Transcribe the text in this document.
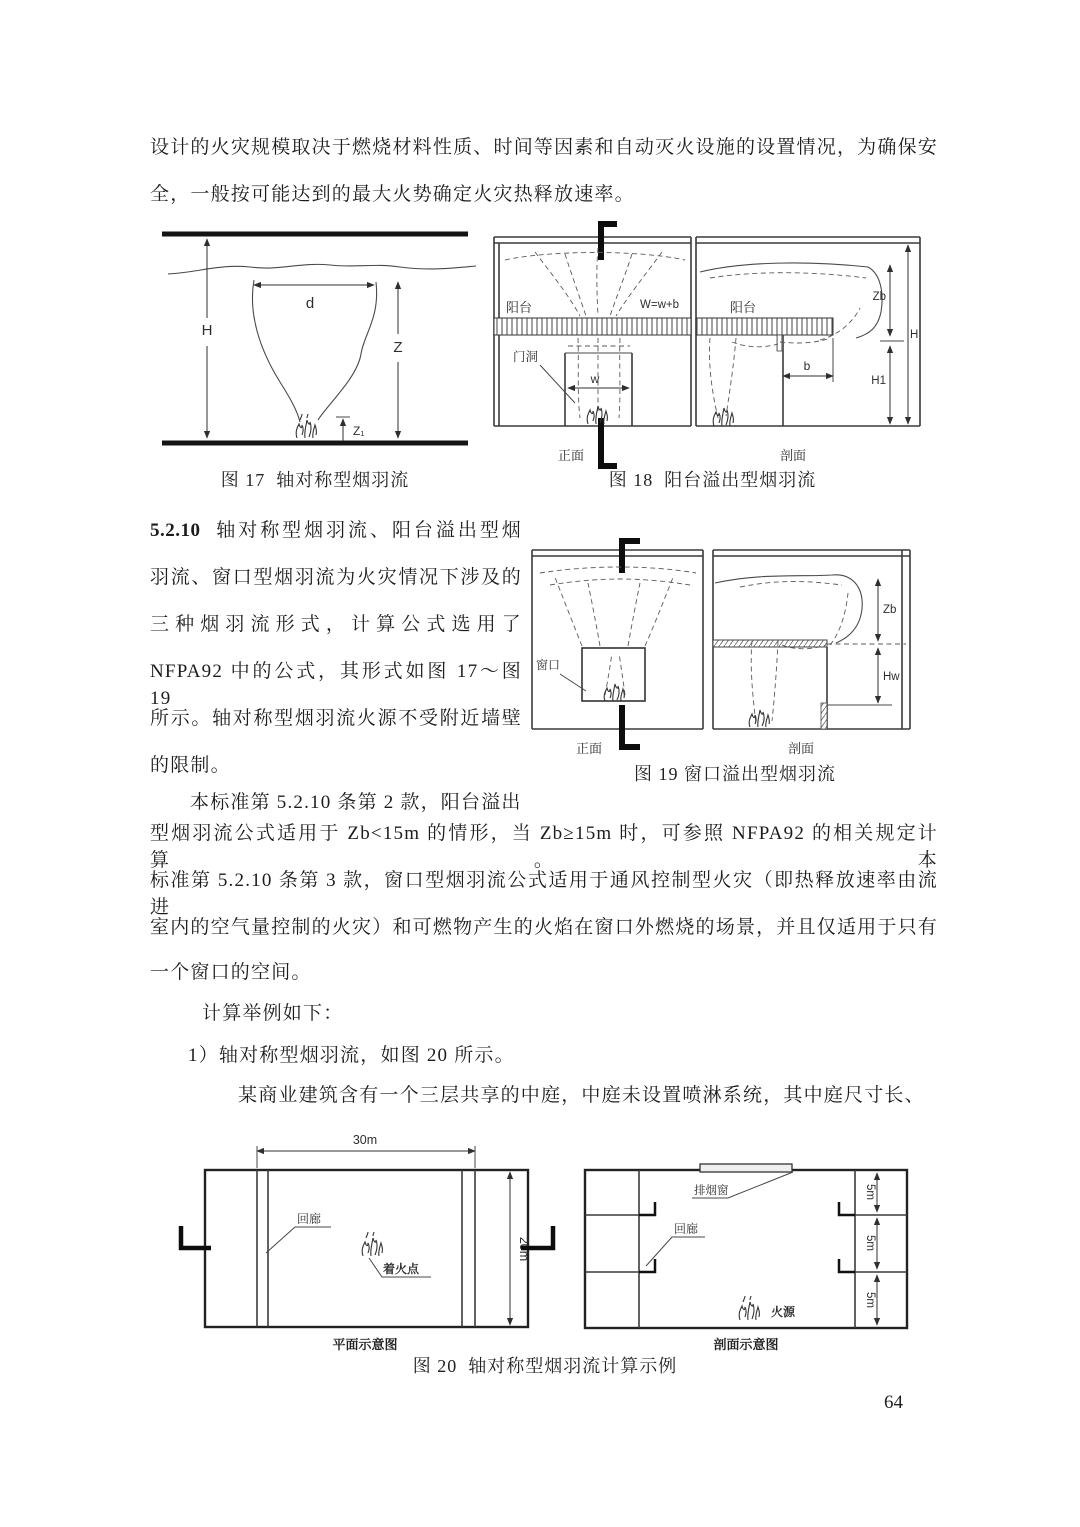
设计的火灾规模取决于燃烧材料性质、时间等因素和自动灭火设施的设置情况，为确保安
全，一般按可能达到的最大火势确定火灾热释放速率。
d
H
Z
Z₁
图 17  轴对称型烟羽流
阳台	W=w+b
门洞
w
正面
阳台
b
Zb
H1
H
剖面
图 18  阳台溢出型烟羽流
5.2.10 轴对称型烟羽流、阳台溢出型烟
羽流、窗口型烟羽流为火灾情况下涉及的
三种烟羽流形式，计算公式选用了
NFPA92 中的公式，其形式如图 17～图 19
所示。轴对称型烟羽流火源不受附近墙壁
的限制。
窗口
正面
Zb
Hw
剖面
图 19 窗口溢出型烟羽流
本标准第 5.2.10 条第 2 款，阳台溢出
型烟羽流公式适用于 Zb<15m 的情形，当 Zb≥15m 时，可参照 NFPA92 的相关规定计算。本
标准第 5.2.10 条第 3 款，窗口型烟羽流公式适用于通风控制型火灾（即热释放速率由流进
室内的空气量控制的火灾）和可燃物产生的火焰在窗口外燃烧的场景，并且仅适用于只有
一个窗口的空间。
计算举例如下：
1）轴对称型烟羽流，如图 20 所示。
某商业建筑含有一个三层共享的中庭，中庭未设置喷淋系统，其中庭尺寸长、
30m
20m
回廊
着火点
平面示意图
排烟窗
回廊
火源
5m
5m
5m
剖面示意图
图 20  轴对称型烟羽流计算示例
64
